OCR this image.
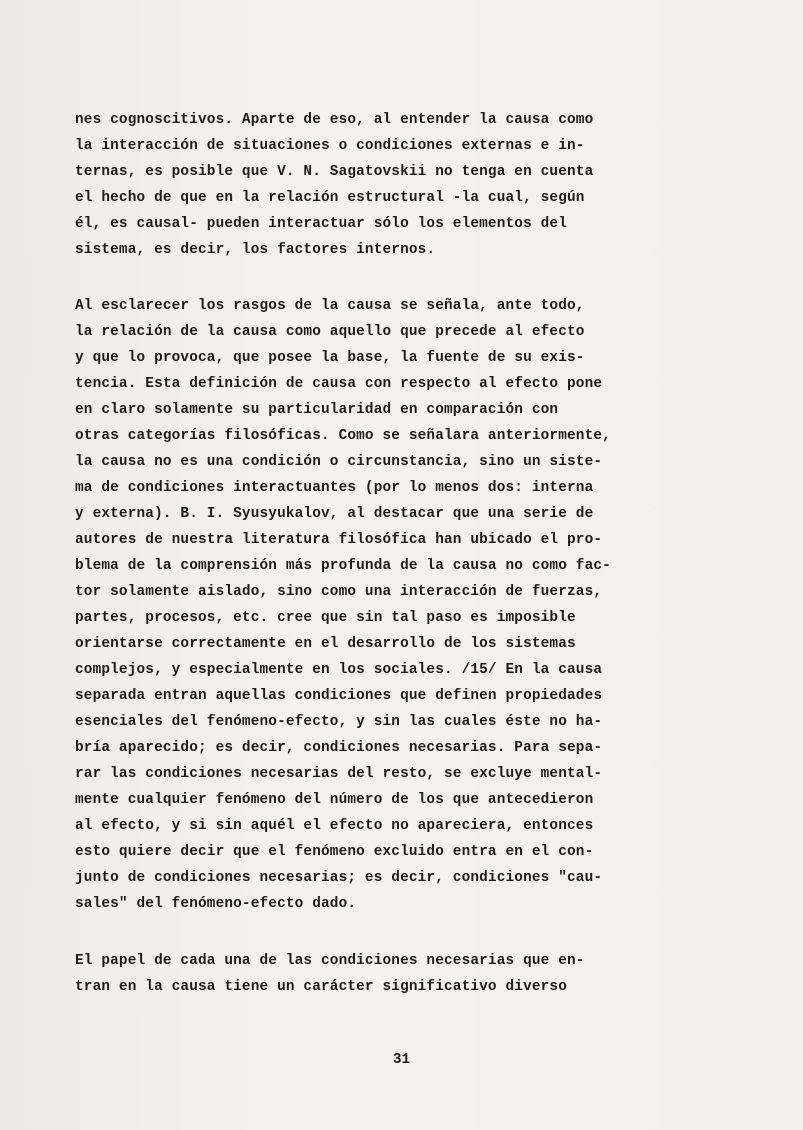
nes cognoscitivos. Aparte de eso, al entender la causa como

la interacción de situaciones o condiciones externas e in-

ternas, es posible que V. N. Sagatovskii no tenga en cuenta

el hecho de que en la relación estructural -la cual, según

él, es causal- pueden interactuar sólo los elementos del

sistema, es decir, los factores internos.

Al esclarecer los rasgos de la causa se señala, ante todo,

la relación de la causa como aquello que precede al efecto

y que lo provoca, que posee la base, la fuente de su exis-

tencia. Esta definición de causa con respecto al efecto pone

en claro solamente su particularidad en comparación con

otras categorías filosóficas. Como se señalara anteriormente,

la causa no es una condición o circunstancia, sino un siste-

ma de condiciones interactuantes (por lo menos dos: interna

y externa). B. I. Syusyukalov, al destacar que una serie de

autores de nuestra literatura filosófica han ubicado el pro-

blema de la comprensión más profunda de la causa no como fac-

tor solamente aislado, sino como una interacción de fuerzas,

partes, procesos, etc. cree que sin tal paso es imposible

orientarse correctamente en el desarrollo de los sistemas

complejos, y especialmente en los sociales. /15/ En la causa

separada entran aquellas condiciones que definen propiedades

esenciales del fenómeno-efecto, y sin las cuales éste no ha-

bría aparecido; es decir, condiciones necesarias. Para sepa-

rar las condiciones necesarias del resto, se excluye mental-

mente cualquier fenómeno del número de los que antecedieron

al efecto, y si sin aquél el efecto no apareciera, entonces

esto quiere decir que el fenómeno excluido entra en el con-

junto de condiciones necesarias; es decir, condiciones "cau-

sales" del fenómeno-efecto dado.

El papel de cada una de las condiciones necesarias que en-

tran en la causa tiene un carácter significativo diverso

31
